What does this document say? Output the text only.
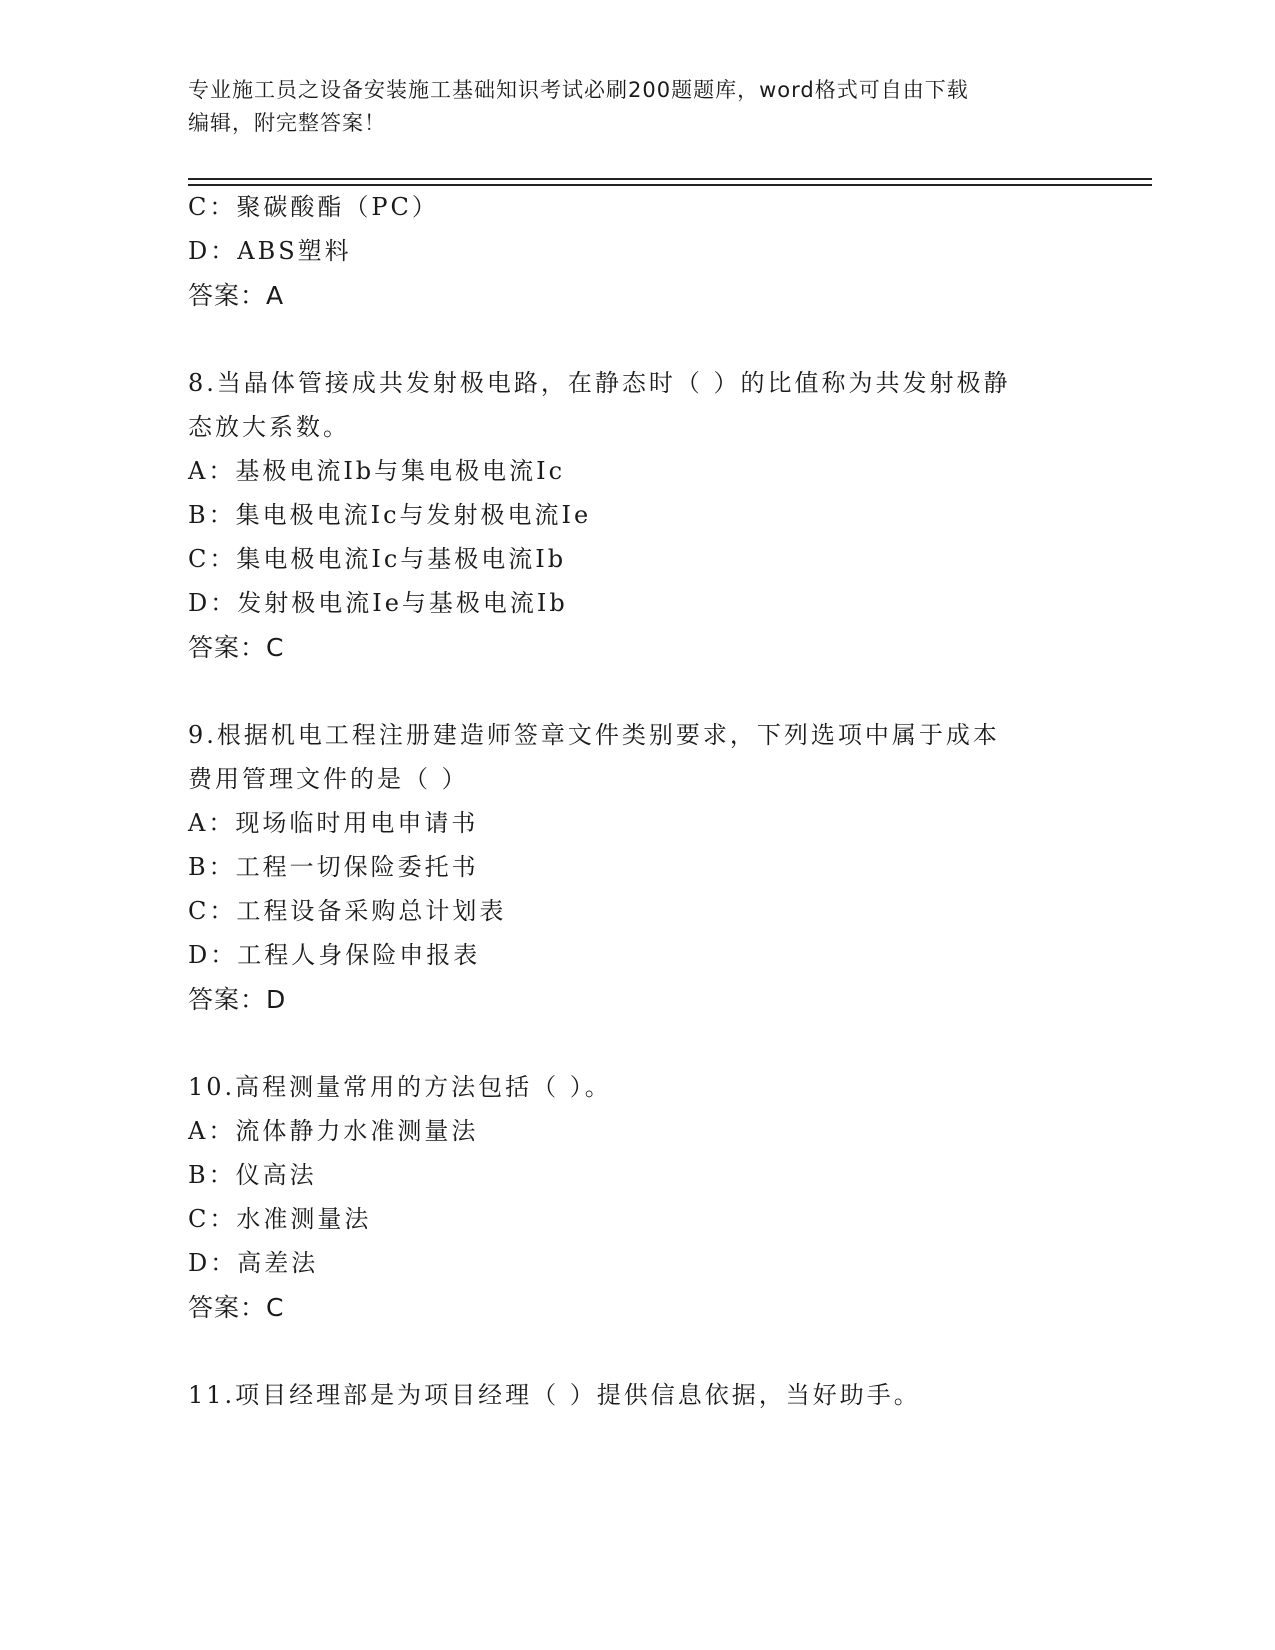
专业施工员之设备安装施工基础知识考试必刷200题题库，word格式可自由下载
编辑，附完整答案！
C：聚碳酸酯（PC）
D：ABS塑料
答案：A
8.当晶体管接成共发射极电路，在静态时（ ）的比值称为共发射极静
态放大系数。
A：基极电流Ib与集电极电流Ic
B：集电极电流Ic与发射极电流Ie
C：集电极电流Ic与基极电流Ib
D：发射极电流Ie与基极电流Ib
答案：C
9.根据机电工程注册建造师签章文件类别要求，下列选项中属于成本
费用管理文件的是（ ）
A：现场临时用电申请书
B：工程一切保险委托书
C：工程设备采购总计划表
D：工程人身保险申报表
答案：D
10.高程测量常用的方法包括（ ）。
A：流体静力水准测量法
B：仪高法
C：水准测量法
D：高差法
答案：C
11.项目经理部是为项目经理（ ）提供信息依据，当好助手。
